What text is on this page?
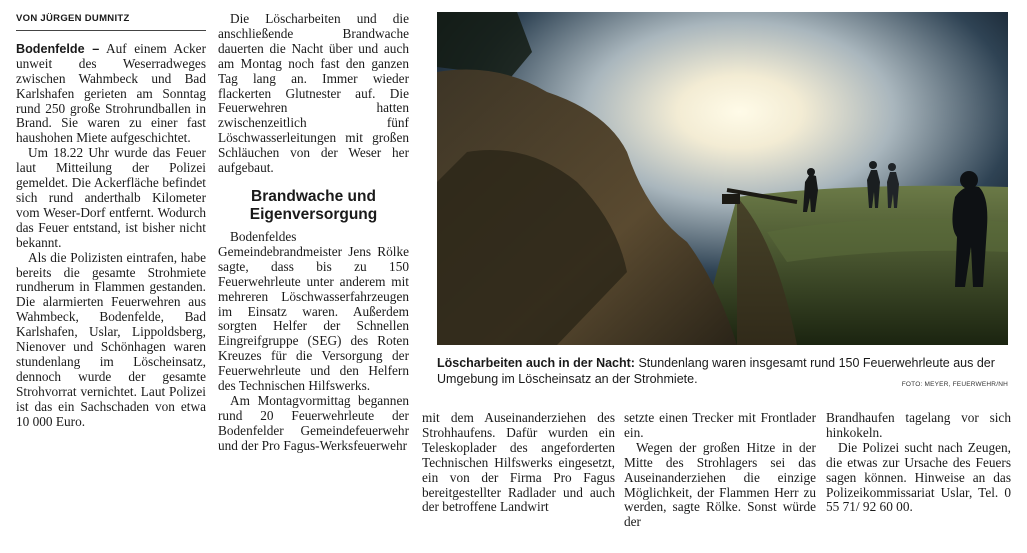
VON JÜRGEN DUMNITZ

Bodenfelde – Auf einem Acker unweit des Weserradweges zwischen Wahmbeck und Bad Karlshafen gerieten am Sonntag rund 250 große Strohrundballen in Brand. Sie waren zu einer fast haushohen Miete aufgeschichtet.

Um 18.22 Uhr wurde das Feuer laut Mitteilung der Polizei gemeldet. Die Ackerfläche befindet sich rund anderthalb Kilometer vom Weser-Dorf entfernt. Wodurch das Feuer entstand, ist bisher nicht bekannt.

Als die Polizisten eintrafen, habe bereits die gesamte Strohmiete rundherum in Flammen gestanden. Die alarmierten Feuerwehren aus Wahmbeck, Bodenfelde, Bad Karlshafen, Uslar, Lippoldsberg, Nienover und Schönhagen waren stundenlang im Löscheinsatz, dennoch wurde der gesamte Strohvorrat vernichtet. Laut Polizei ist das ein Sachschaden von etwa 10 000 Euro.

Die Löscharbeiten und die anschließende Brandwache dauerten die Nacht über und auch am Montag noch fast den ganzen Tag lang an. Immer wieder flackerten Glutnester auf. Die Feuerwehren hatten zwischenzeitlich fünf Löschwasserleitungen mit großen Schläuchen von der Weser her aufgebaut.

Brandwache und Eigenversorgung

Bodenfeldes Gemeindebrandmeister Jens Rölke sagte, dass bis zu 150 Feuerwehrleute unter anderem mit mehreren Löschwasserfahrzeugen im Einsatz waren. Außerdem sorgten Helfer der Schnellen Eingreifgruppe (SEG) des Roten Kreuzes für die Versorgung der Feuerwehrleute und den Helfern des Technischen Hilfswerks.

Am Montagvormittag begannen rund 20 Feuerwehrleute der Bodenfelder Gemeindefeuerwehr und der Pro Fagus-Werksfeuerwehr

Löscharbeiten auch in der Nacht: Stundenlang waren insgesamt rund 150 Feuerwehrleute aus der Umgebung im Löscheinsatz an der Strohmiete.	FOTO: MEYER, FEUERWEHR/NH

mit dem Auseinanderziehen des Strohhaufens. Dafür wurden ein Teleskoplader des angeforderten Technischen Hilfswerks eingesetzt, ein von der Firma Pro Fagus bereitgestellter Radlader und auch der betroffene Landwirt

setzte einen Trecker mit Frontlader ein.

Wegen der großen Hitze in der Mitte des Strohlagers sei das Auseinanderziehen die einzige Möglichkeit, der Flammen Herr zu werden, sagte Rölke. Sonst würde der

Brandhaufen tagelang vor sich hinkokeln.

Die Polizei sucht nach Zeugen, die etwas zur Ursache des Feuers sagen können. Hinweise an das Polizeikommissariat Uslar, Tel. 0 55 71/ 92 60 00.
